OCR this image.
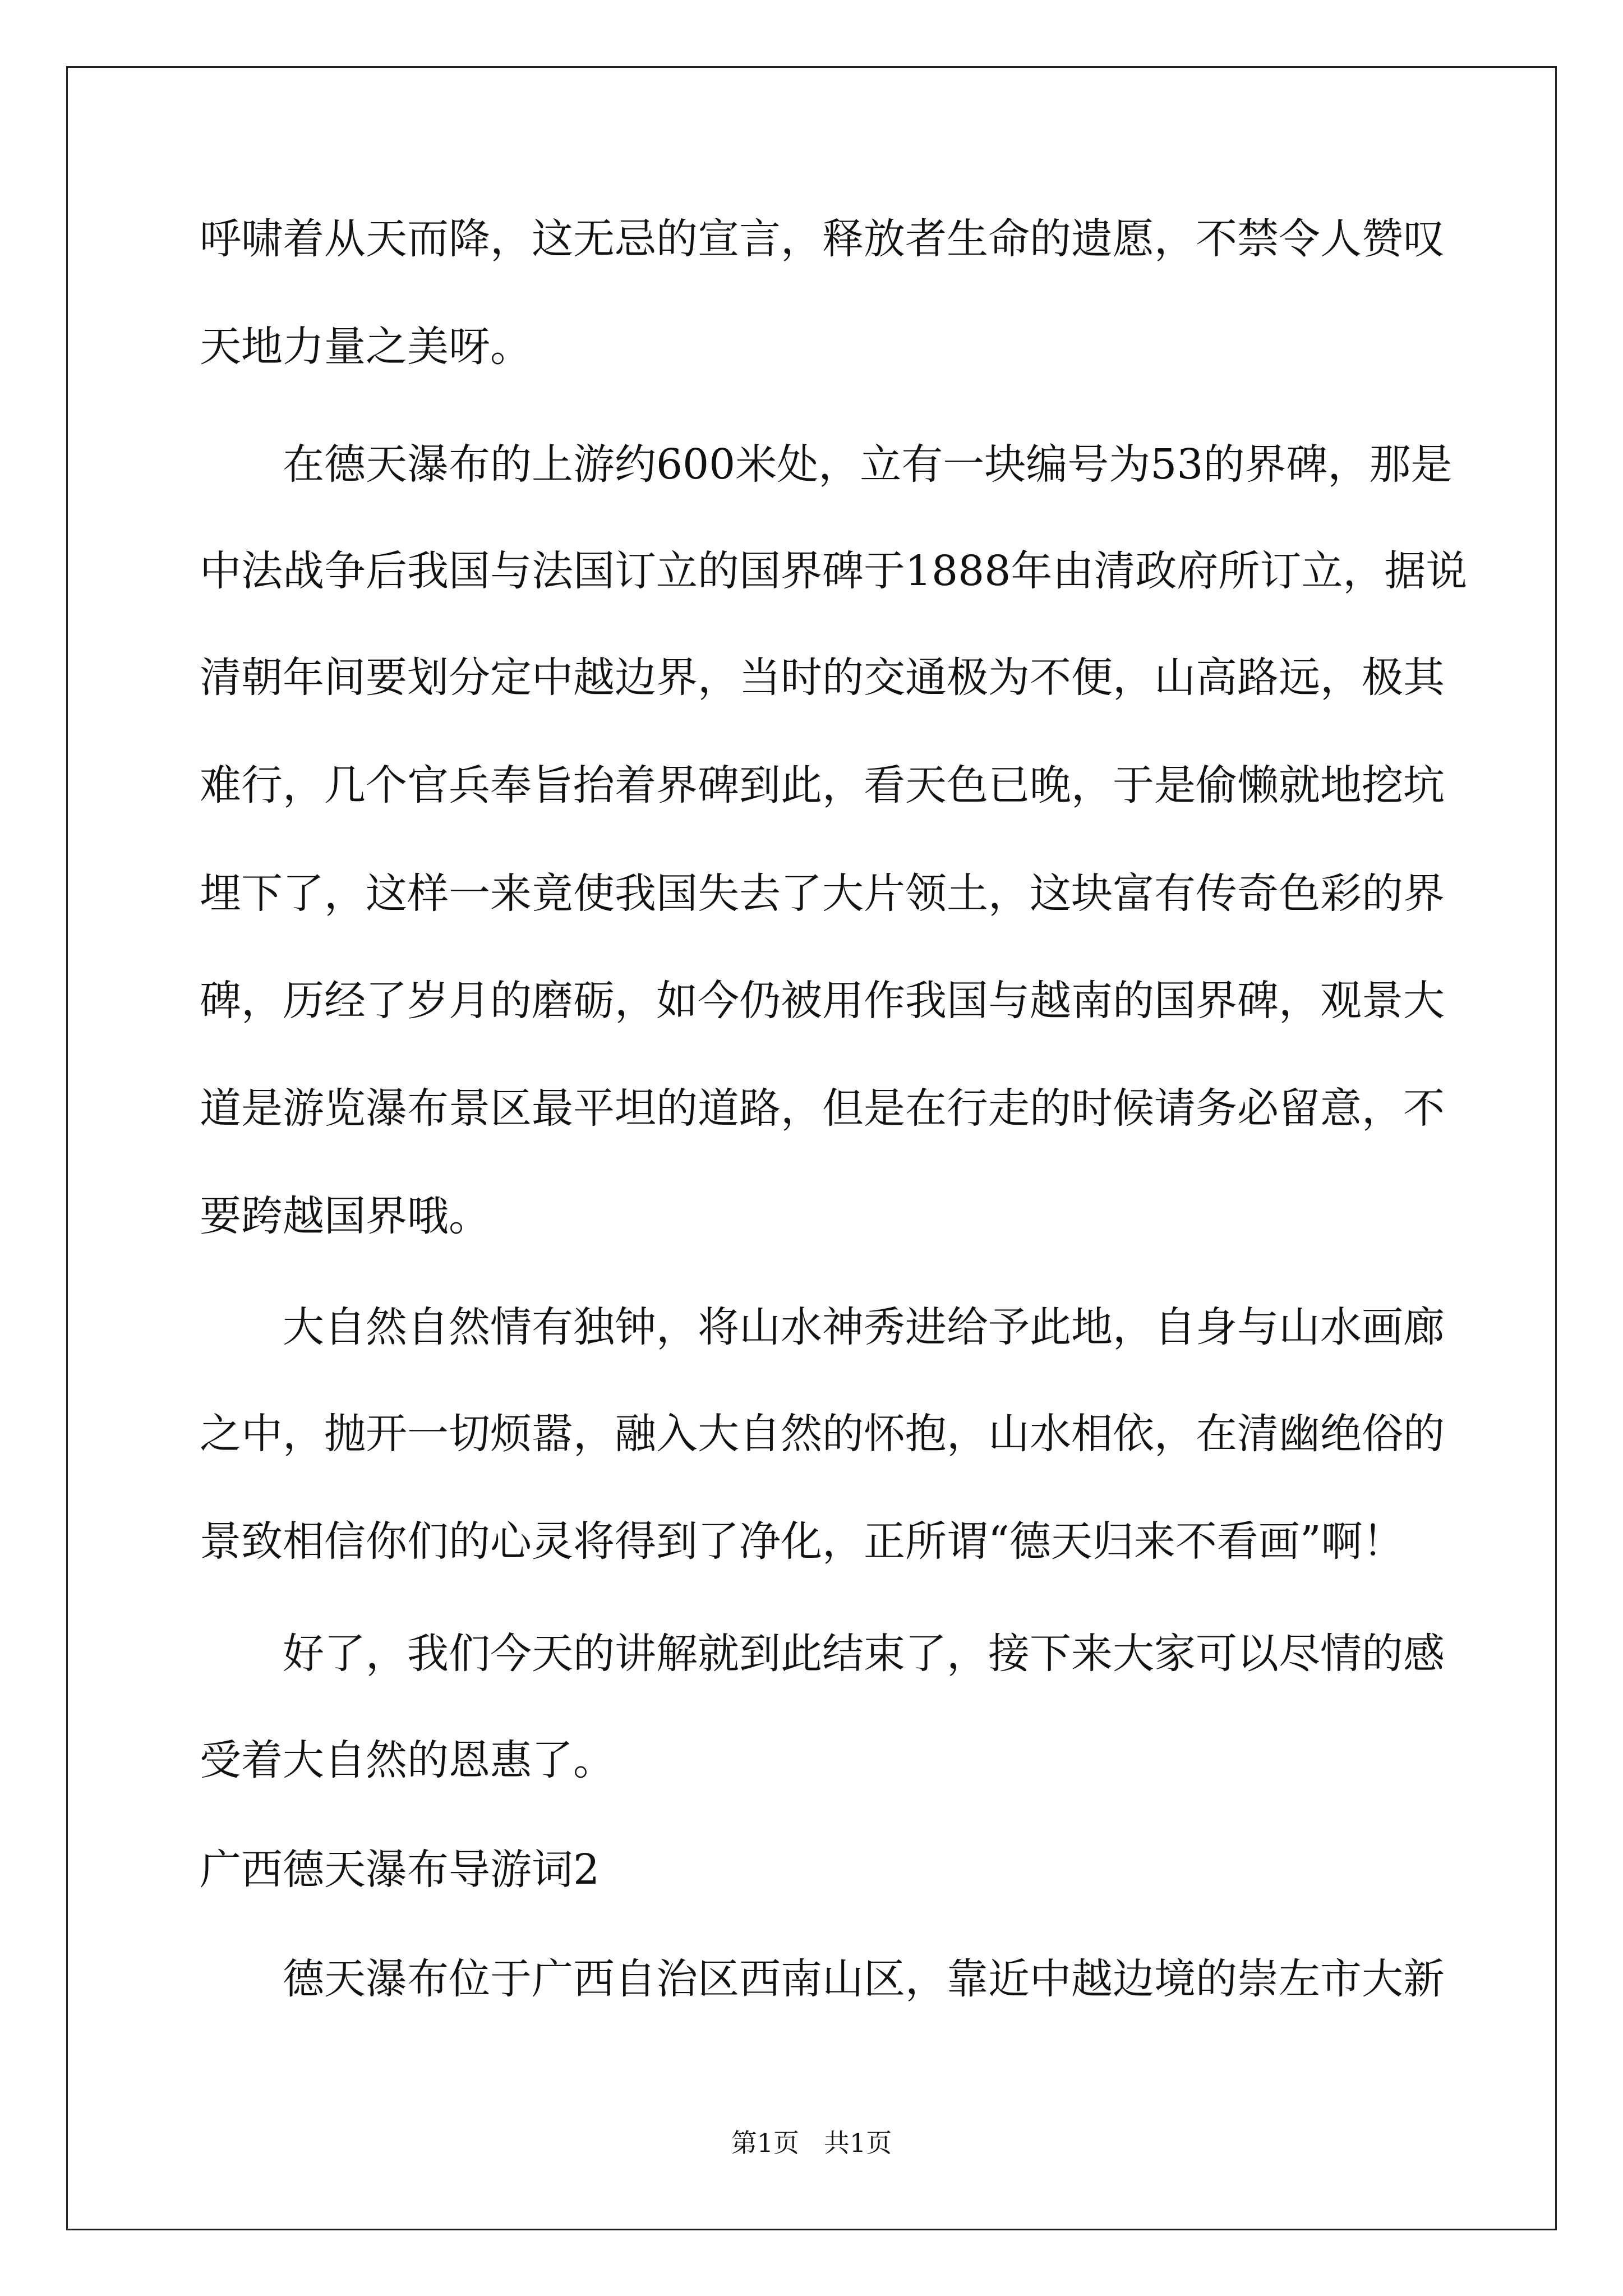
呼啸着从天而降，这无忌的宣言，释放者生命的遗愿，不禁令人赞叹
天地力量之美呀。
在德天瀑布的上游约600米处，立有一块编号为53的界碑，那是
中法战争后我国与法国订立的国界碑于1888年由清政府所订立，据说
清朝年间要划分定中越边界，当时的交通极为不便，山高路远，极其
难行，几个官兵奉旨抬着界碑到此，看天色已晚，于是偷懒就地挖坑
埋下了，这样一来竟使我国失去了大片领土，这块富有传奇色彩的界
碑，历经了岁月的磨砺，如今仍被用作我国与越南的国界碑，观景大
道是游览瀑布景区最平坦的道路，但是在行走的时候请务必留意，不
要跨越国界哦。
大自然自然情有独钟，将山水神秀进给予此地，自身与山水画廊
之中，抛开一切烦嚣，融入大自然的怀抱，山水相依，在清幽绝俗的
景致相信你们的心灵将得到了净化，正所谓“德天归来不看画”啊！
好了，我们今天的讲解就到此结束了，接下来大家可以尽情的感
受着大自然的恩惠了。
广西德天瀑布导游词2
德天瀑布位于广西自治区西南山区，靠近中越边境的崇左市大新
第1页 共1页
